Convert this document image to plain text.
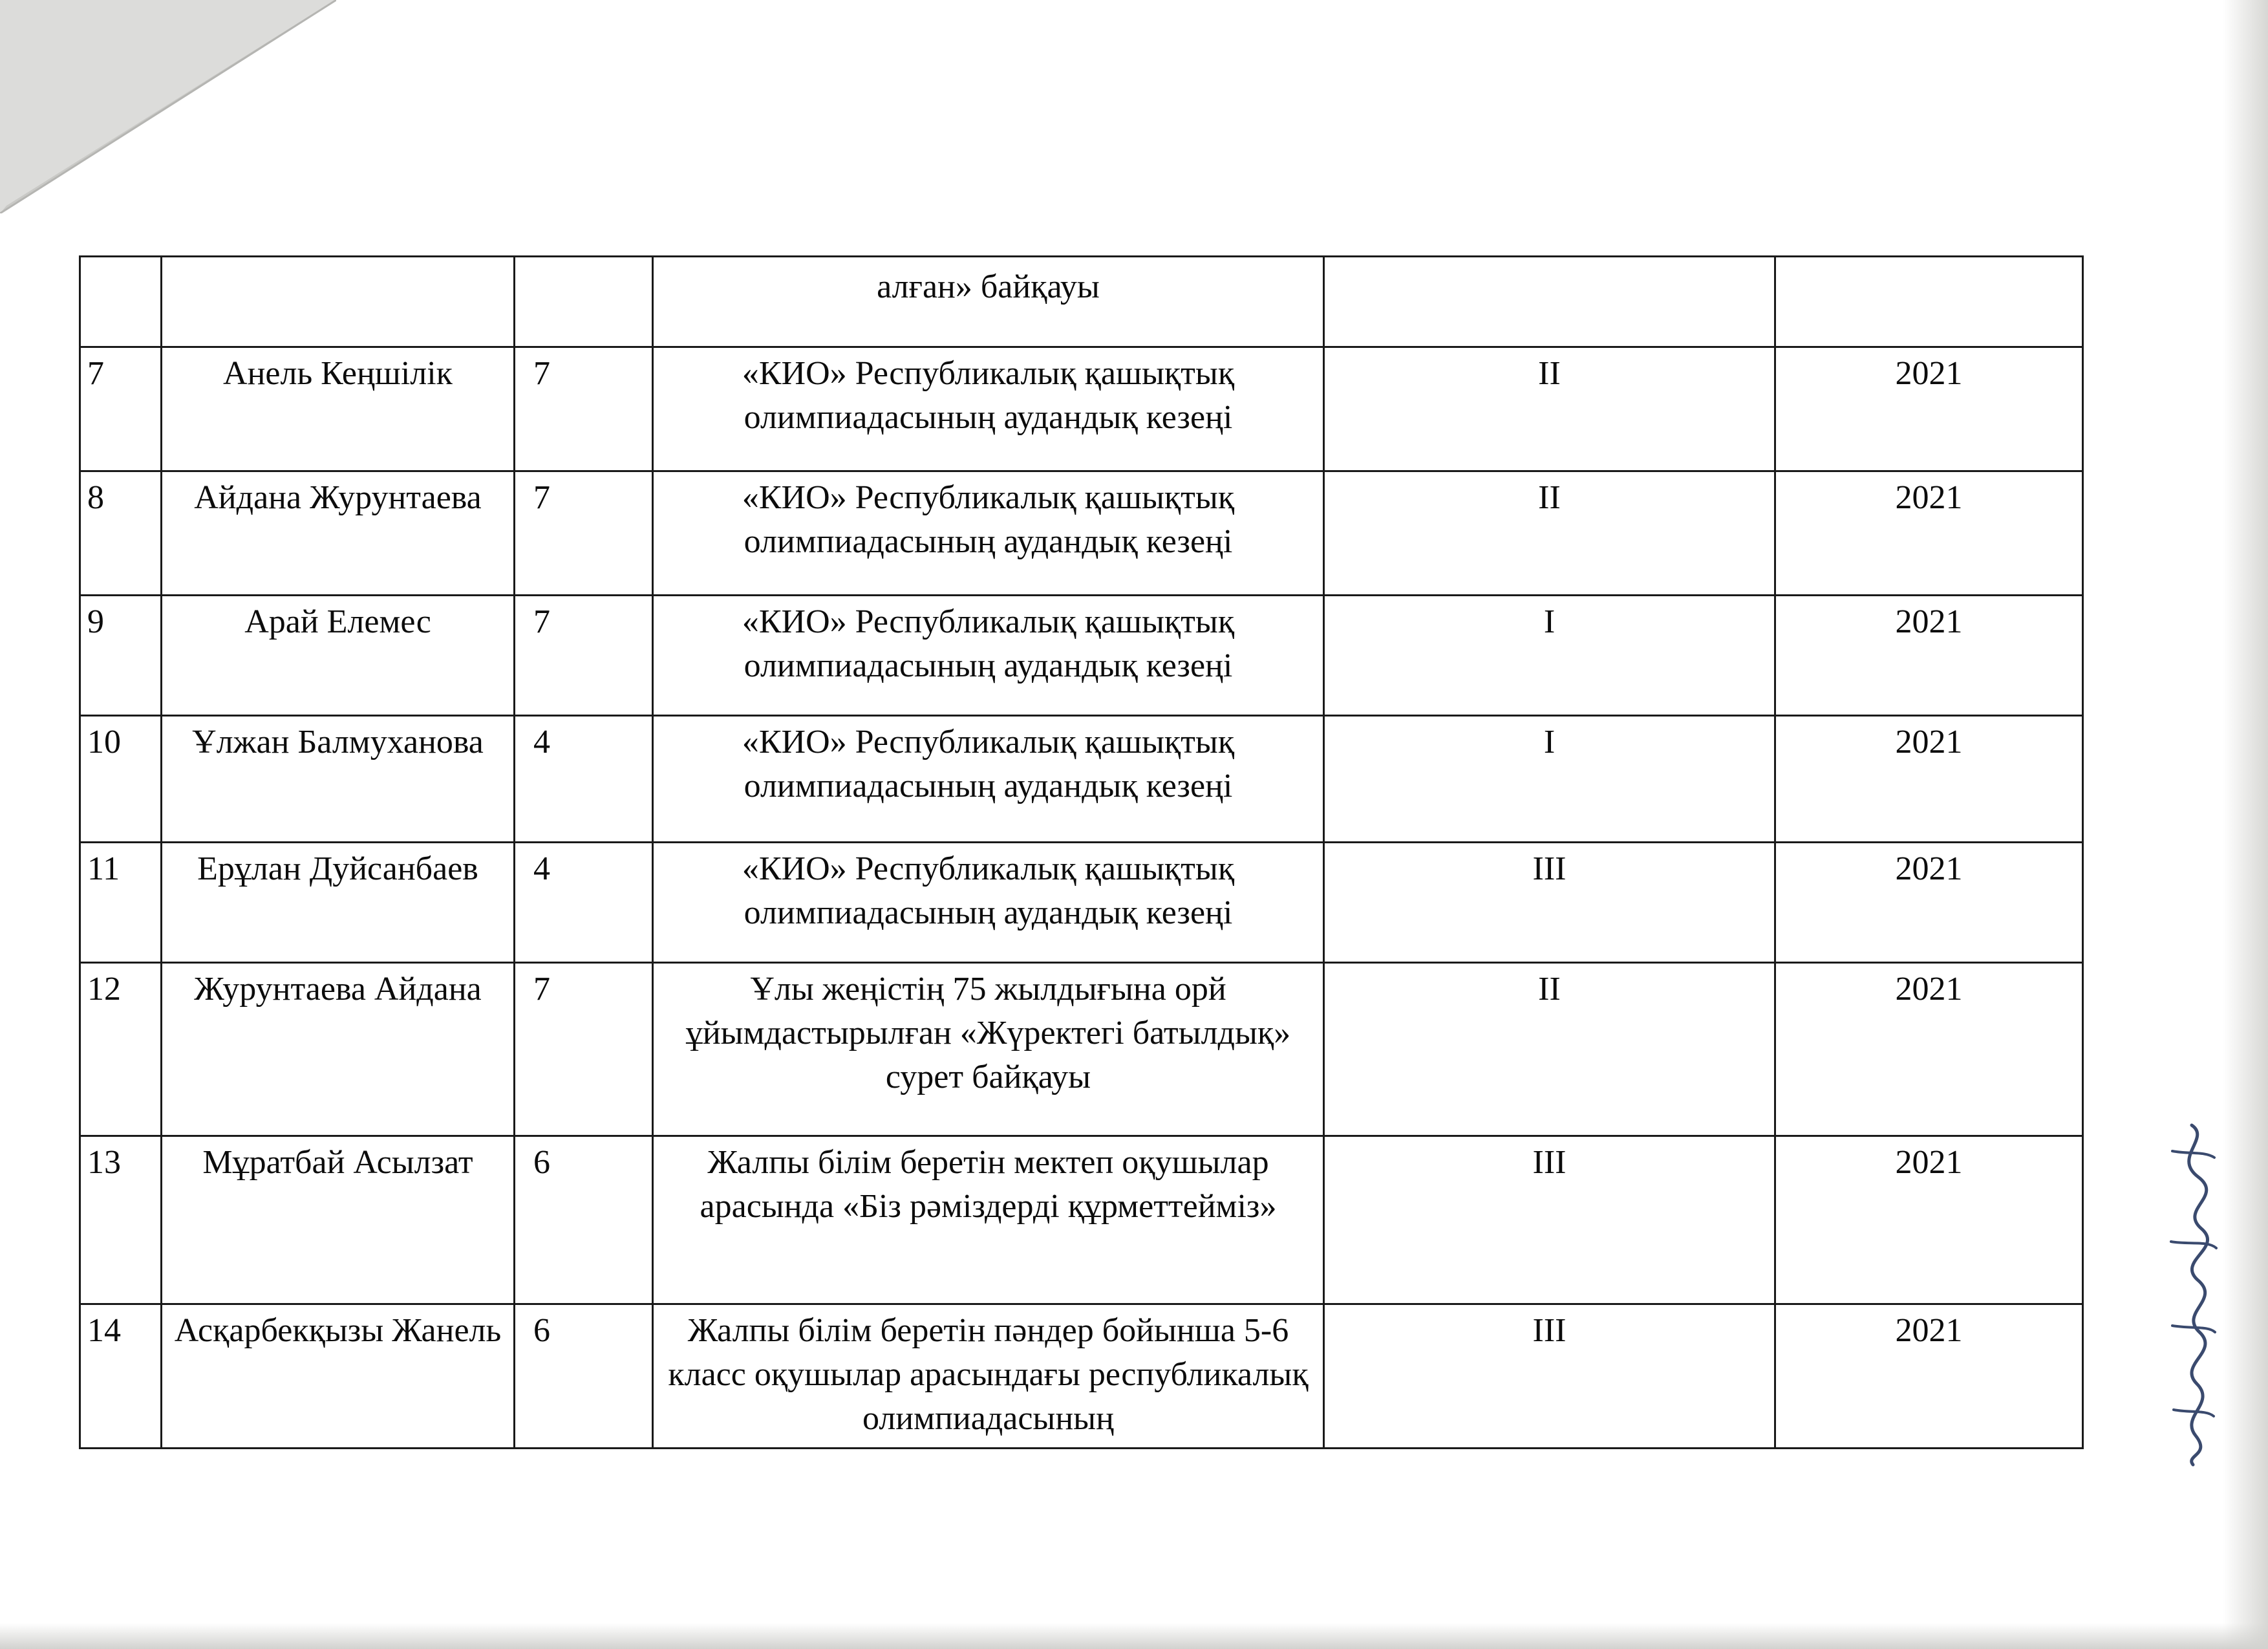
			алған» байқауы		
7	Анель Кеңшілік	7	«КИО» Республикалық қашықтық олимпиадасының аудандық кезеңі	ІІ	2021
8	Айдана Журунтаева	7	«КИО» Республикалық қашықтық олимпиадасының аудандық кезеңі	ІІ	2021
9	Арай Елемес	7	«КИО» Республикалық қашықтық олимпиадасының аудандық кезеңі	І	2021
10	Ұлжан Балмуханова	4	«КИО» Республикалық қашықтық олимпиадасының аудандық кезеңі	І	2021
11	Ерұлан Дуйсанбаев	4	«КИО» Республикалық қашықтық олимпиадасының аудандық кезеңі	ІІІ	2021
12	Журунтаева Айдана	7	Ұлы жеңістің 75 жылдығына орй ұйымдастырылған «Жүректегі батылдық» сурет байқауы	ІІ	2021
13	Мұратбай Асылзат	6	Жалпы білім беретін мектеп оқушылар арасында «Біз рәміздерді құрметтейміз»	ІІІ	2021
14	Асқарбекқызы Жанель	6	Жалпы білім беретін пәндер бойынша 5-6 класс оқушылар арасындағы республикалық олимпиадасының	ІІІ	2021
